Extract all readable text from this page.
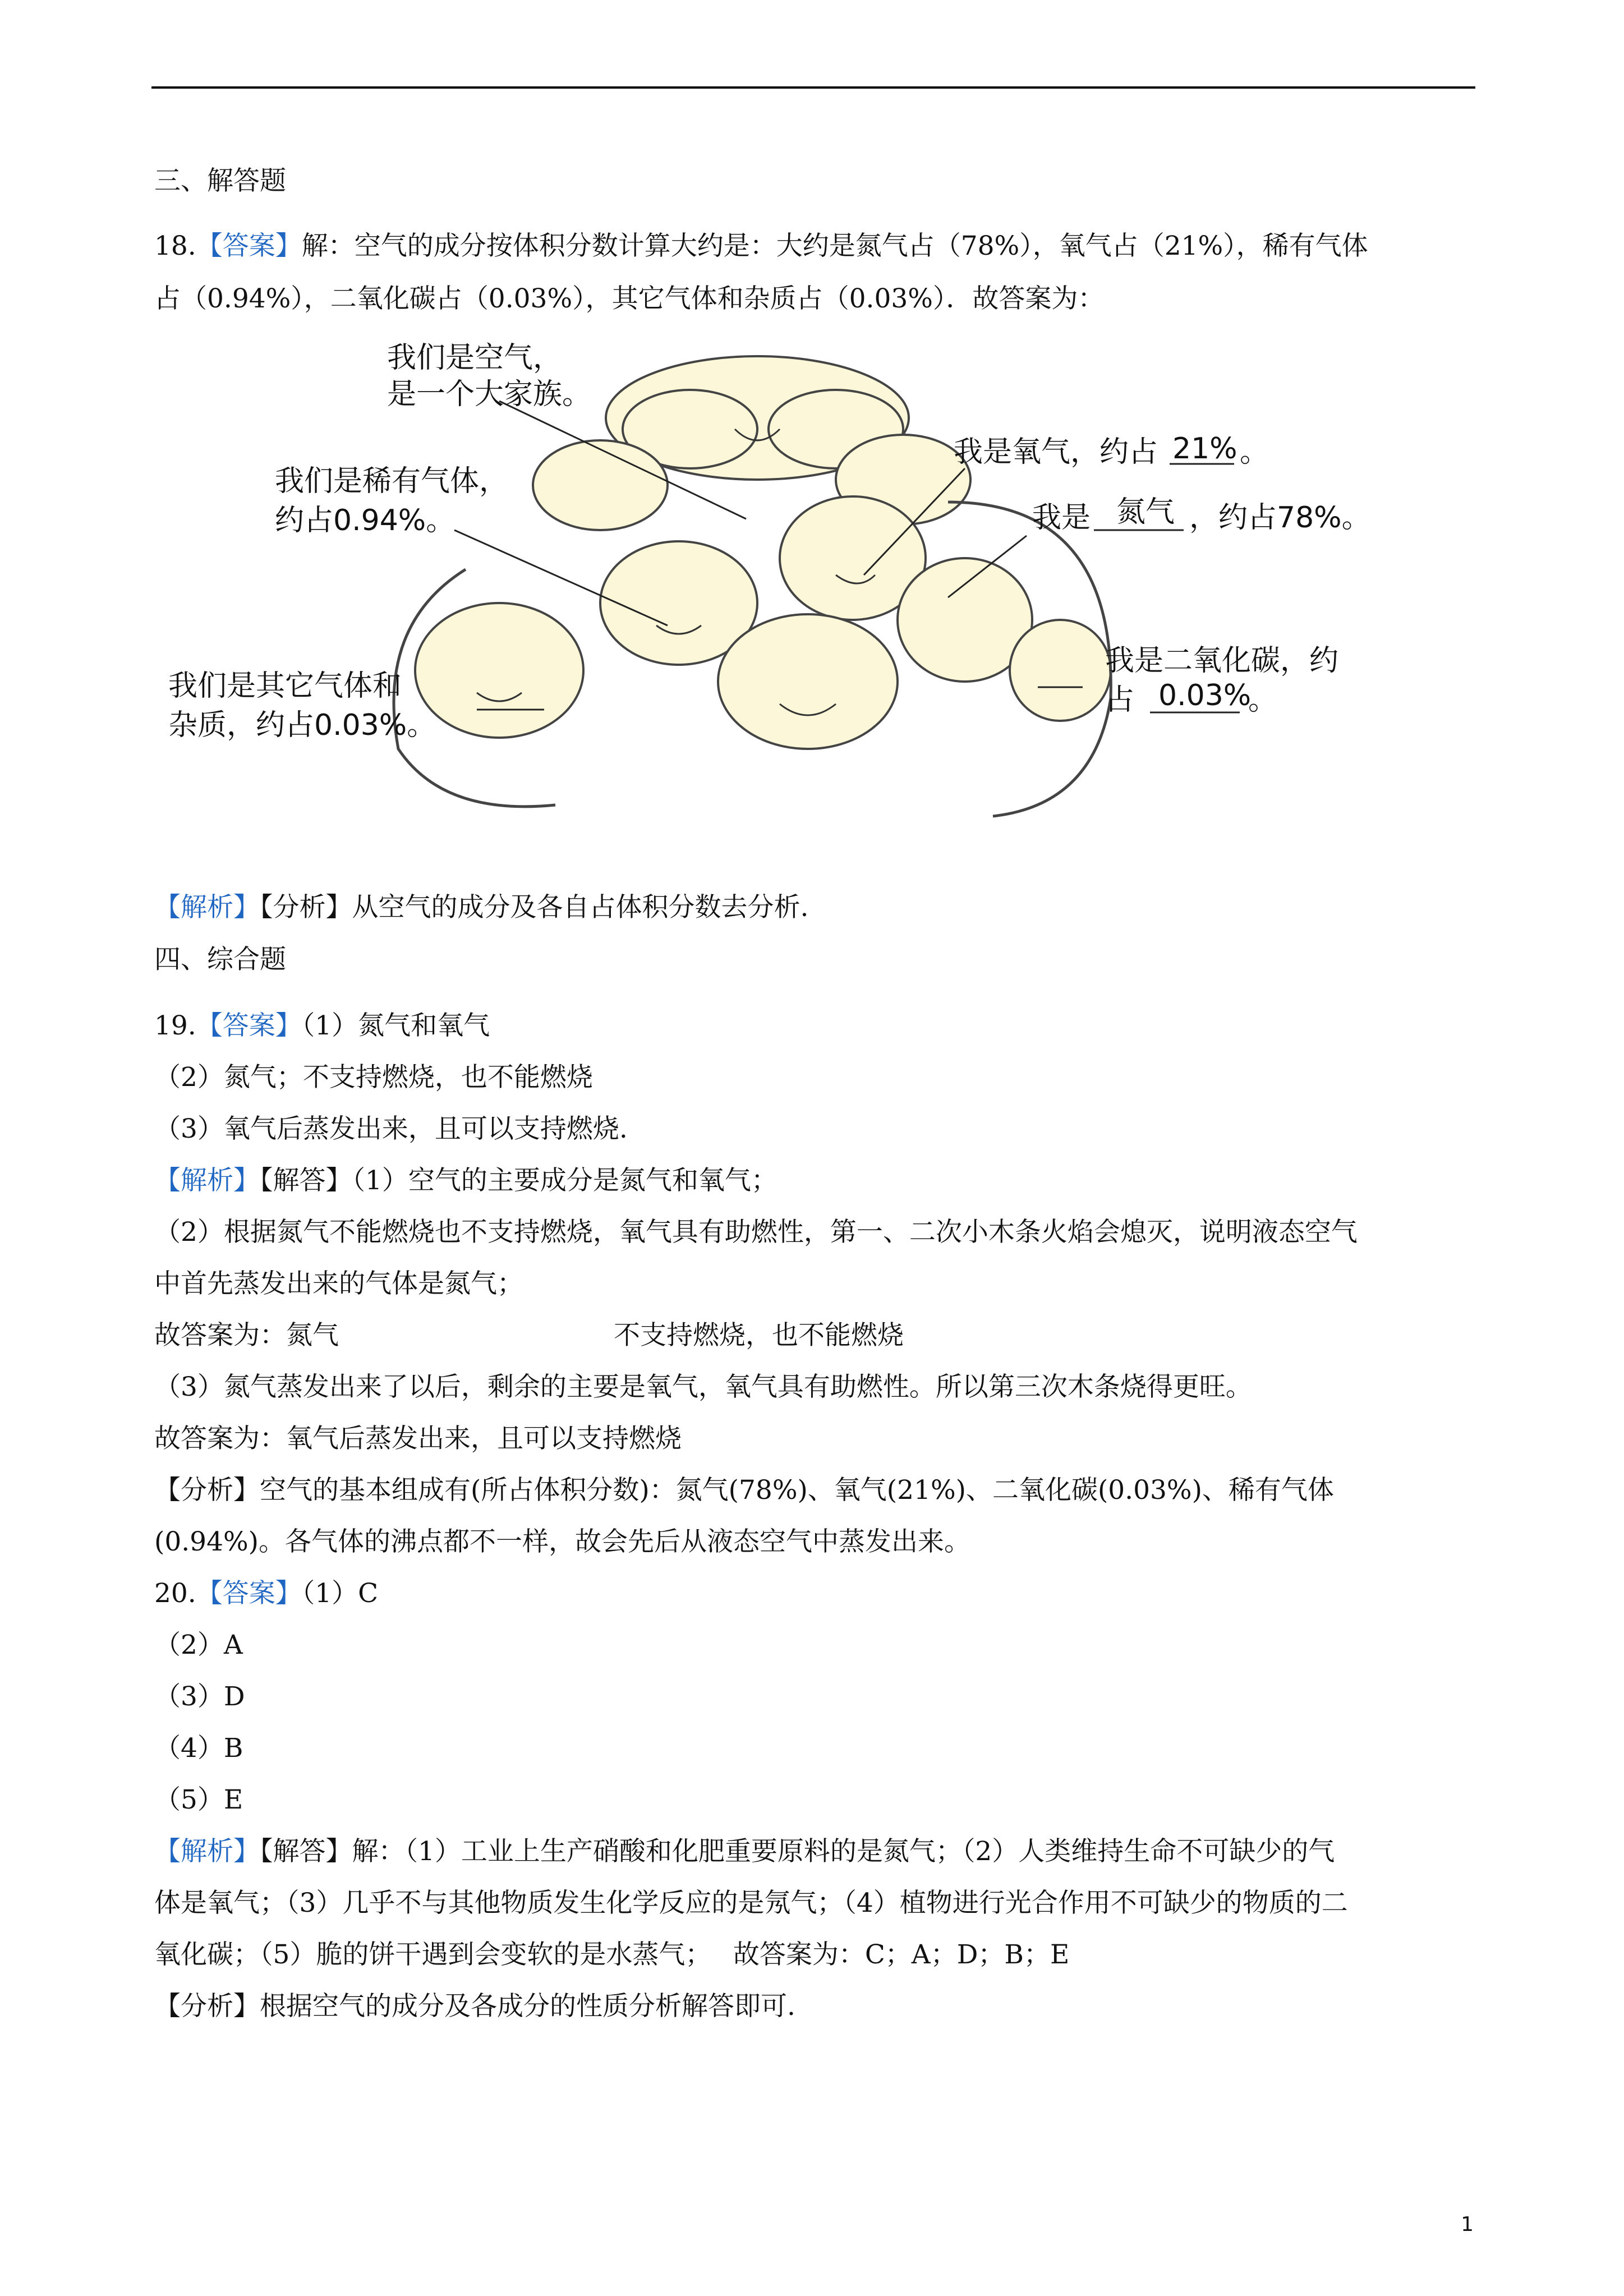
三、解答题
18.【答案】解：空气的成分按体积分数计算大约是：大约是氮气占（78%），氧气占（21%），稀有气体
占（0.94%），二氧化碳占（0.03%），其它气体和杂质占（0.03%）．故答案为：
我们是空气，
是一个大家族。
我们是稀有气体，
约占0.94%。
我是氧气，约占 21% 。
我是 氮气 ，约占78%。
我是二氧化碳，约
占 0.03%
。
我们是其它气体和
杂质，约占0.03%。
【解析】【分析】从空气的成分及各自占体积分数去分析.
四、综合题
19.【答案】（1）氮气和氧气
（2）氮气；不支持燃烧，也不能燃烧
（3）氧气后蒸发出来，且可以支持燃烧.
【解析】【解答】（1）空气的主要成分是氮气和氧气；
（2）根据氮气不能燃烧也不支持燃烧，氧气具有助燃性，第一、二次小木条火焰会熄灭，说明液态空气
中首先蒸发出来的气体是氮气；
故答案为：氮气	不支持燃烧，也不能燃烧
（3）氮气蒸发出来了以后，剩余的主要是氧气，氧气具有助燃性。所以第三次木条烧得更旺。
故答案为：氧气后蒸发出来，且可以支持燃烧
【分析】空气的基本组成有(所占体积分数)：氮气(78%)、氧气(21%)、二氧化碳(0.03%)、稀有气体
(0.94%)。各气体的沸点都不一样，故会先后从液态空气中蒸发出来。
20.【答案】（1）C
（2）A
（3）D
（4）B
（5）E
【解析】【解答】解：（1）工业上生产硝酸和化肥重要原料的是氮气；（2）人类维持生命不可缺少的气
体是氧气；（3）几乎不与其他物质发生化学反应的是氖气；（4）植物进行光合作用不可缺少的物质的二
氧化碳；（5）脆的饼干遇到会变软的是水蒸气；　 故答案为：C；A；D；B；E
【分析】根据空气的成分及各成分的性质分析解答即可.
1
